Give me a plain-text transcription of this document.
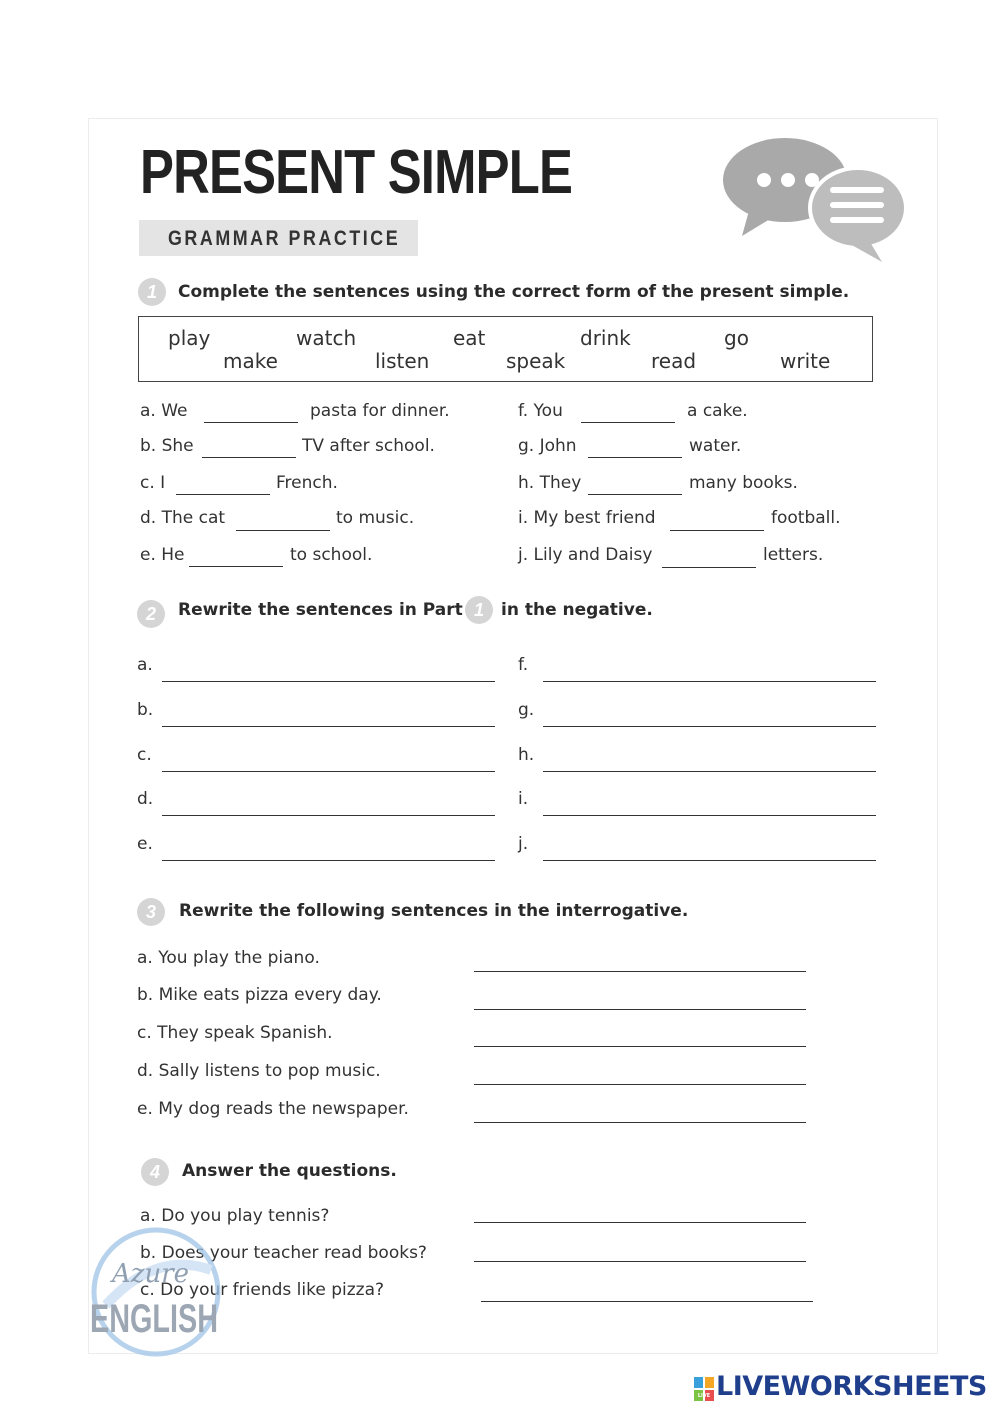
PRESENT SIMPLE
GRAMMAR PRACTICE
1	Complete the sentences using the correct form of the present simple.
play	watch	eat	drink	go
make	listen	speak	read	write
a. We	pasta for dinner.
b. She	TV after school.
c. I	French.
d. The cat	to music.
e. He	to school.
f. You	a cake.
g. John	water.
h. They	many books.
i. My best friend	football.
j. Lily and Daisy	letters.
2	Rewrite the sentences in Part 1	in the negative.
a.
b.
c.
d.
e.
f.
g.
h.
i.
j.
3	Rewrite the following sentences in the interrogative.
a. You play the piano.
b. Mike eats pizza every day.
c. They speak Spanish.
d. Sally listens to pop music.
e. My dog reads the newspaper.
4	Answer the questions.
a. Do you play tennis?
b. Does your teacher read books?
c. Do your friends like pizza?
Azure
ENGLISH
LIVE LIVEWORKSHEETS
